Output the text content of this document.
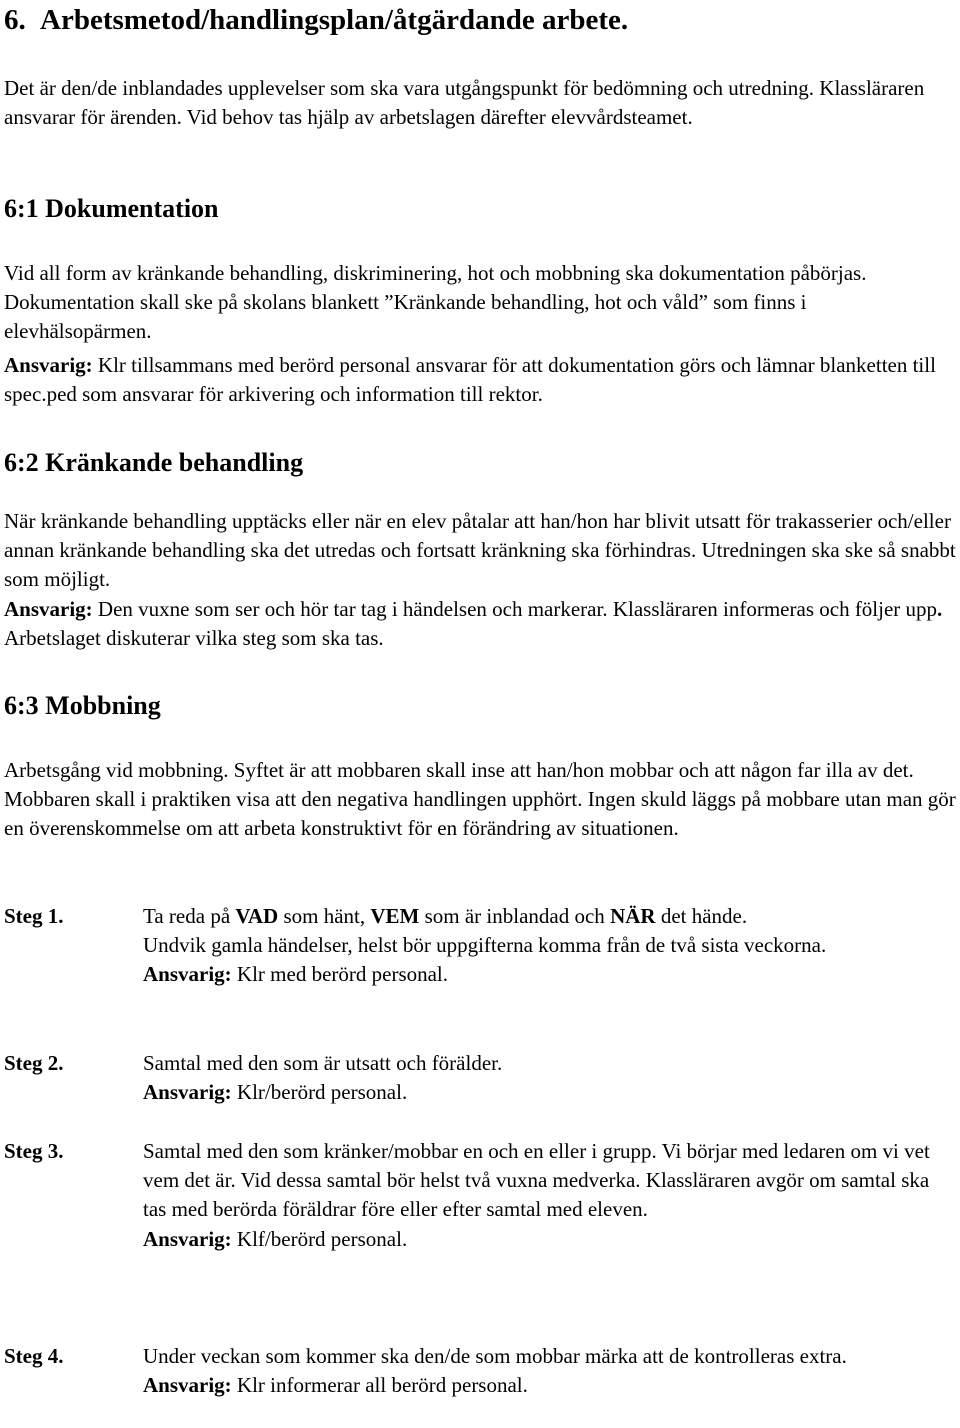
6. Arbetsmetod/handlingsplan/åtgärdande arbete.
Det är den/de inblandades upplevelser som ska vara utgångspunkt för bedömning och utredning. Klassläraren ansvarar för ärenden. Vid behov tas hjälp av arbetslagen därefter elevvårdsteamet.
6:1 Dokumentation
Vid all form av kränkande behandling, diskriminering, hot och mobbning ska dokumentation påbörjas. Dokumentation skall ske på skolans blankett ”Kränkande behandling, hot och våld” som finns i elevhälsopärmen.
Ansvarig: Klr tillsammans med berörd personal ansvarar för att dokumentation görs och lämnar blanketten till spec.ped som ansvarar för arkivering och information till rektor.
6:2 Kränkande behandling
När kränkande behandling upptäcks eller när en elev påtalar att han/hon har blivit utsatt för trakasserier och/eller annan kränkande behandling ska det utredas och fortsatt kränkning ska förhindras. Utredningen ska ske så snabbt som möjligt.
Ansvarig: Den vuxne som ser och hör tar tag i händelsen och markerar. Klassläraren informeras och följer upp. Arbetslaget diskuterar vilka steg som ska tas.
6:3 Mobbning
Arbetsgång vid mobbning. Syftet är att mobbaren skall inse att han/hon mobbar och att någon far illa av det. Mobbaren skall i praktiken visa att den negativa handlingen upphört. Ingen skuld läggs på mobbare utan man gör en överenskommelse om att arbeta konstruktivt för en förändring av situationen.
Steg 1.	Ta reda på VAD som hänt, VEM som är inblandad och NÄR det hände.
Undvik gamla händelser, helst bör uppgifterna komma från de två sista veckorna.
Ansvarig: Klr med berörd personal.
Steg 2.	Samtal med den som är utsatt och förälder.
Ansvarig: Klr/berörd personal.
Steg 3.	Samtal med den som kränker/mobbar en och en eller i grupp. Vi börjar med ledaren om vi vet vem det är. Vid dessa samtal bör helst två vuxna medverka. Klassläraren avgör om samtal ska tas med berörda föräldrar före eller efter samtal med eleven.
Ansvarig: Klf/berörd personal.
Steg 4.	Under veckan som kommer ska den/de som mobbar märka att de kontrolleras extra.
Ansvarig: Klr informerar all berörd personal.
